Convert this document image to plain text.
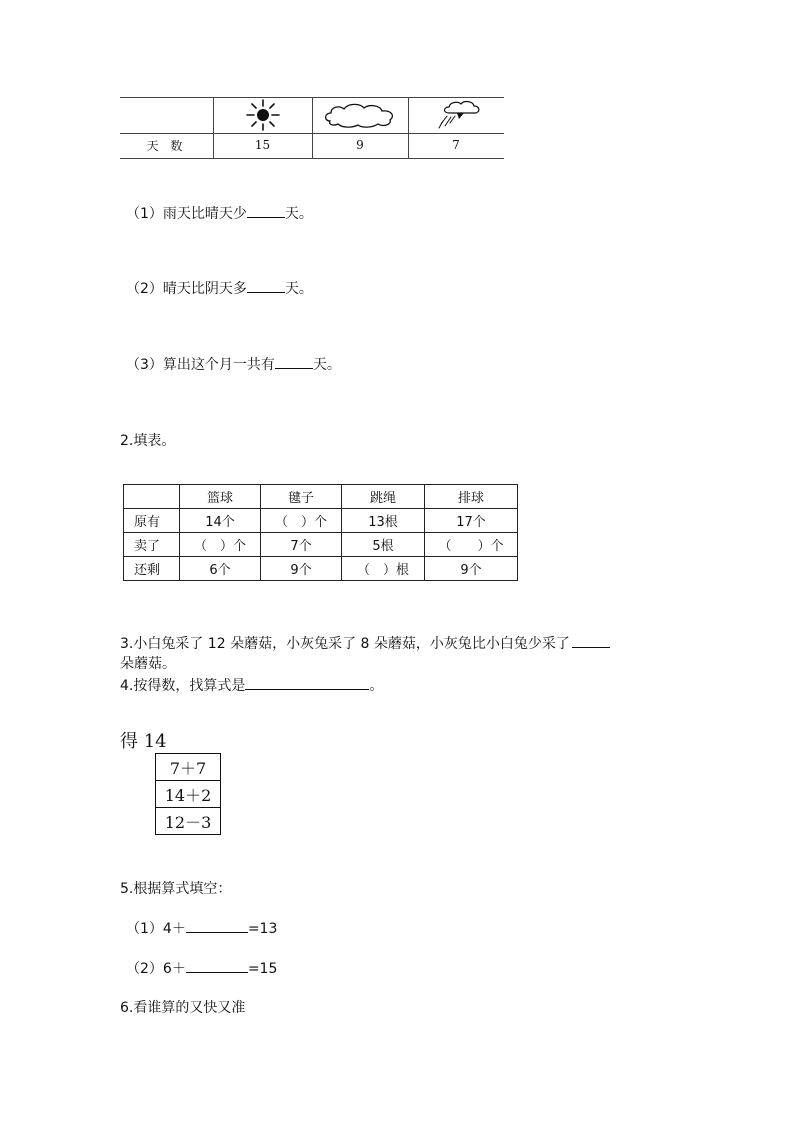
天 数	15	9	7
（1）雨天比晴天少	天。
（2）晴天比阴天多	天。
（3）算出这个月一共有	天。
2.填表。
	篮球	毽子	跳绳	排球
原有	14个	（　）个	13根	17个
卖了	（　）个	7个	5根	（　　）个
还剩	6个	9个	（　）根	9个
3.小白兔采了 12 朵蘑菇，小灰兔采了 8 朵蘑菇，小灰兔比小白兔少采了
朵蘑菇。
4.按得数，找算式是	。
得 14
7＋7
14＋2
12－3
5.根据算式填空：
（1）4＋	=13
（2）6＋	=15
6.看谁算的又快又准
